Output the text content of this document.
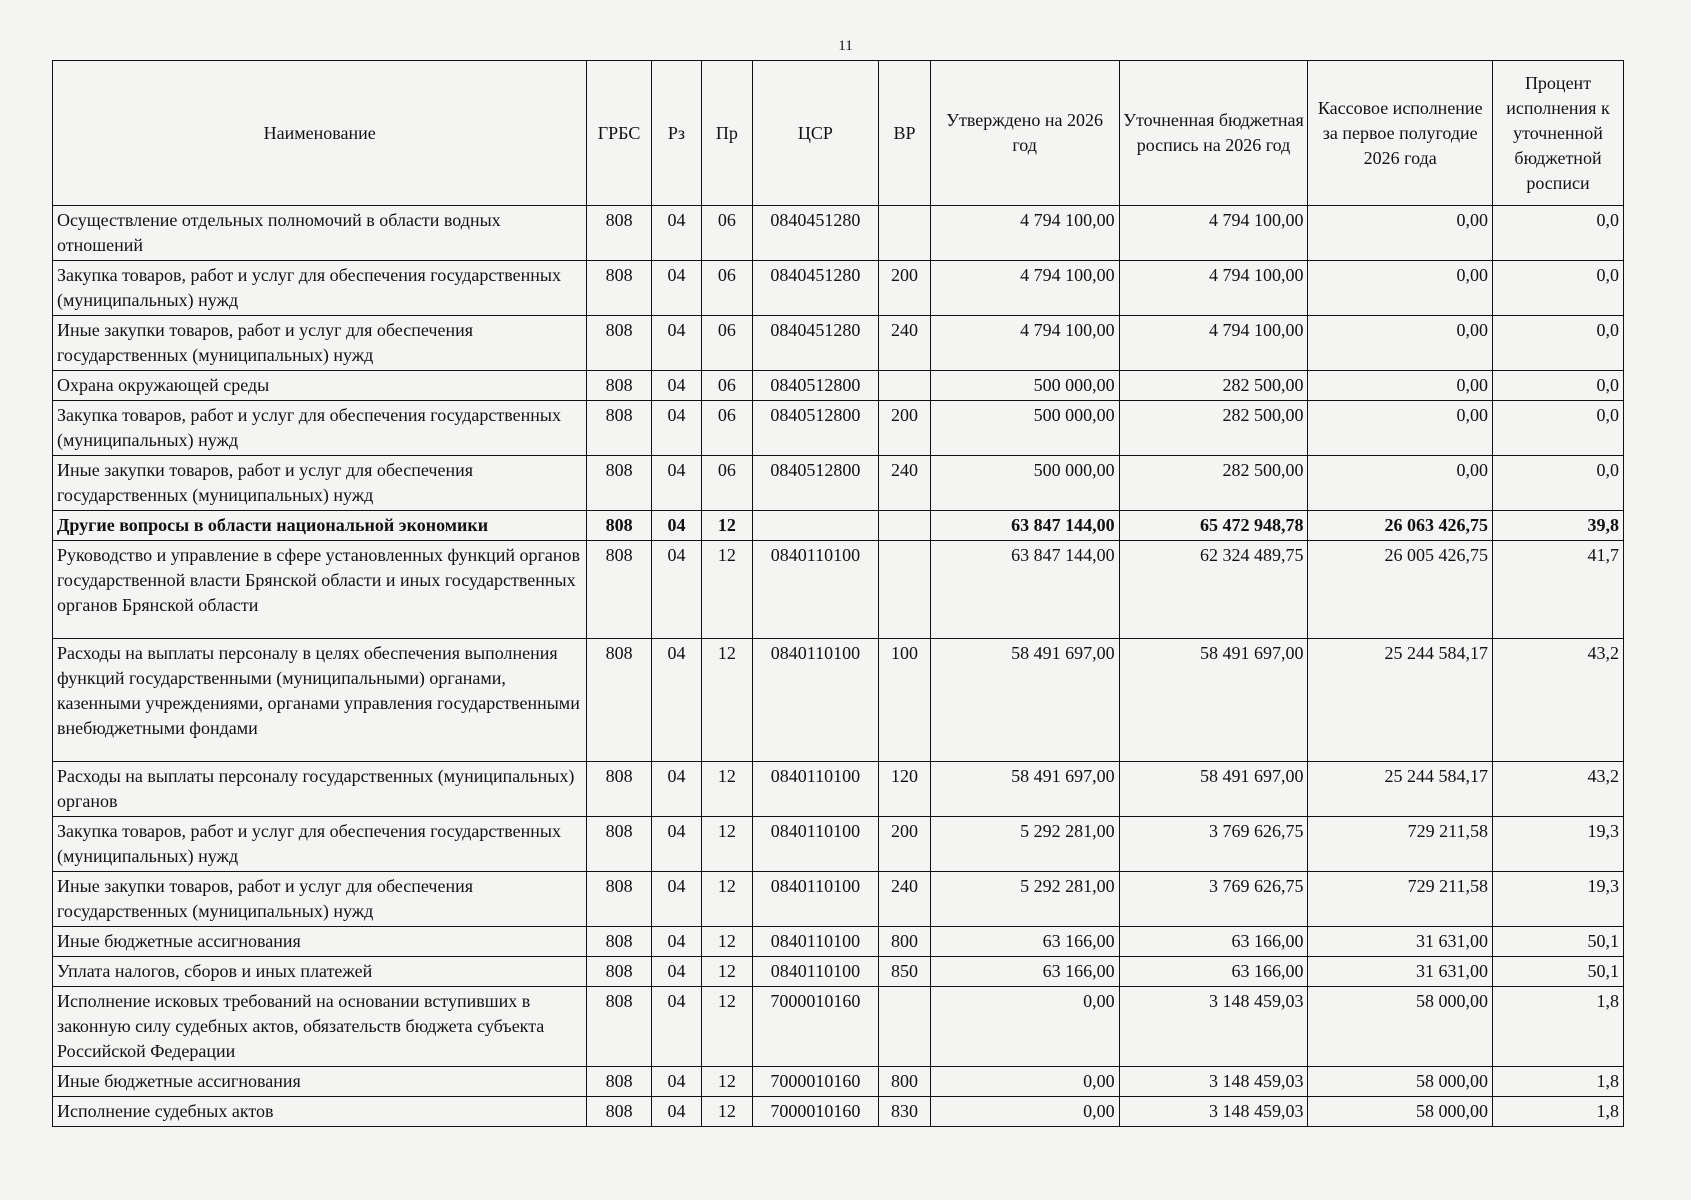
11
Наименование	ГРБС	Рз	Пр	ЦСР	ВР	Утверждено на 2026 год	Уточненная бюджетная роспись на 2026 год	Кассовое исполнение за первое полугодие 2026 года	Процент исполнения к уточненной бюджетной росписи
Осуществление отдельных полномочий в области водных отношений	808	04	06	0840451280		4 794 100,00	4 794 100,00	0,00	0,0
Закупка товаров, работ и услуг для обеспечения государственных (муниципальных) нужд	808	04	06	0840451280	200	4 794 100,00	4 794 100,00	0,00	0,0
Иные закупки товаров, работ и услуг для обеспечения государственных (муниципальных) нужд	808	04	06	0840451280	240	4 794 100,00	4 794 100,00	0,00	0,0
Охрана окружающей среды	808	04	06	0840512800		500 000,00	282 500,00	0,00	0,0
Закупка товаров, работ и услуг для обеспечения государственных (муниципальных) нужд	808	04	06	0840512800	200	500 000,00	282 500,00	0,00	0,0
Иные закупки товаров, работ и услуг для обеспечения государственных (муниципальных) нужд	808	04	06	0840512800	240	500 000,00	282 500,00	0,00	0,0
Другие вопросы в области национальной экономики	808	04	12			63 847 144,00	65 472 948,78	26 063 426,75	39,8
Руководство и управление в сфере установленных функций органов государственной власти Брянской области и иных государственных органов Брянской области	808	04	12	0840110100		63 847 144,00	62 324 489,75	26 005 426,75	41,7
Расходы на выплаты персоналу в целях обеспечения выполнения функций государственными (муниципальными) органами, казенными учреждениями, органами управления государственными внебюджетными фондами	808	04	12	0840110100	100	58 491 697,00	58 491 697,00	25 244 584,17	43,2
Расходы на выплаты персоналу государственных (муниципальных) органов	808	04	12	0840110100	120	58 491 697,00	58 491 697,00	25 244 584,17	43,2
Закупка товаров, работ и услуг для обеспечения государственных (муниципальных) нужд	808	04	12	0840110100	200	5 292 281,00	3 769 626,75	729 211,58	19,3
Иные закупки товаров, работ и услуг для обеспечения государственных (муниципальных) нужд	808	04	12	0840110100	240	5 292 281,00	3 769 626,75	729 211,58	19,3
Иные бюджетные ассигнования	808	04	12	0840110100	800	63 166,00	63 166,00	31 631,00	50,1
Уплата налогов, сборов и иных платежей	808	04	12	0840110100	850	63 166,00	63 166,00	31 631,00	50,1
Исполнение исковых требований на основании вступивших в законную силу судебных актов, обязательств бюджета субъекта Российской Федерации	808	04	12	7000010160		0,00	3 148 459,03	58 000,00	1,8
Иные бюджетные ассигнования	808	04	12	7000010160	800	0,00	3 148 459,03	58 000,00	1,8
Исполнение судебных актов	808	04	12	7000010160	830	0,00	3 148 459,03	58 000,00	1,8
